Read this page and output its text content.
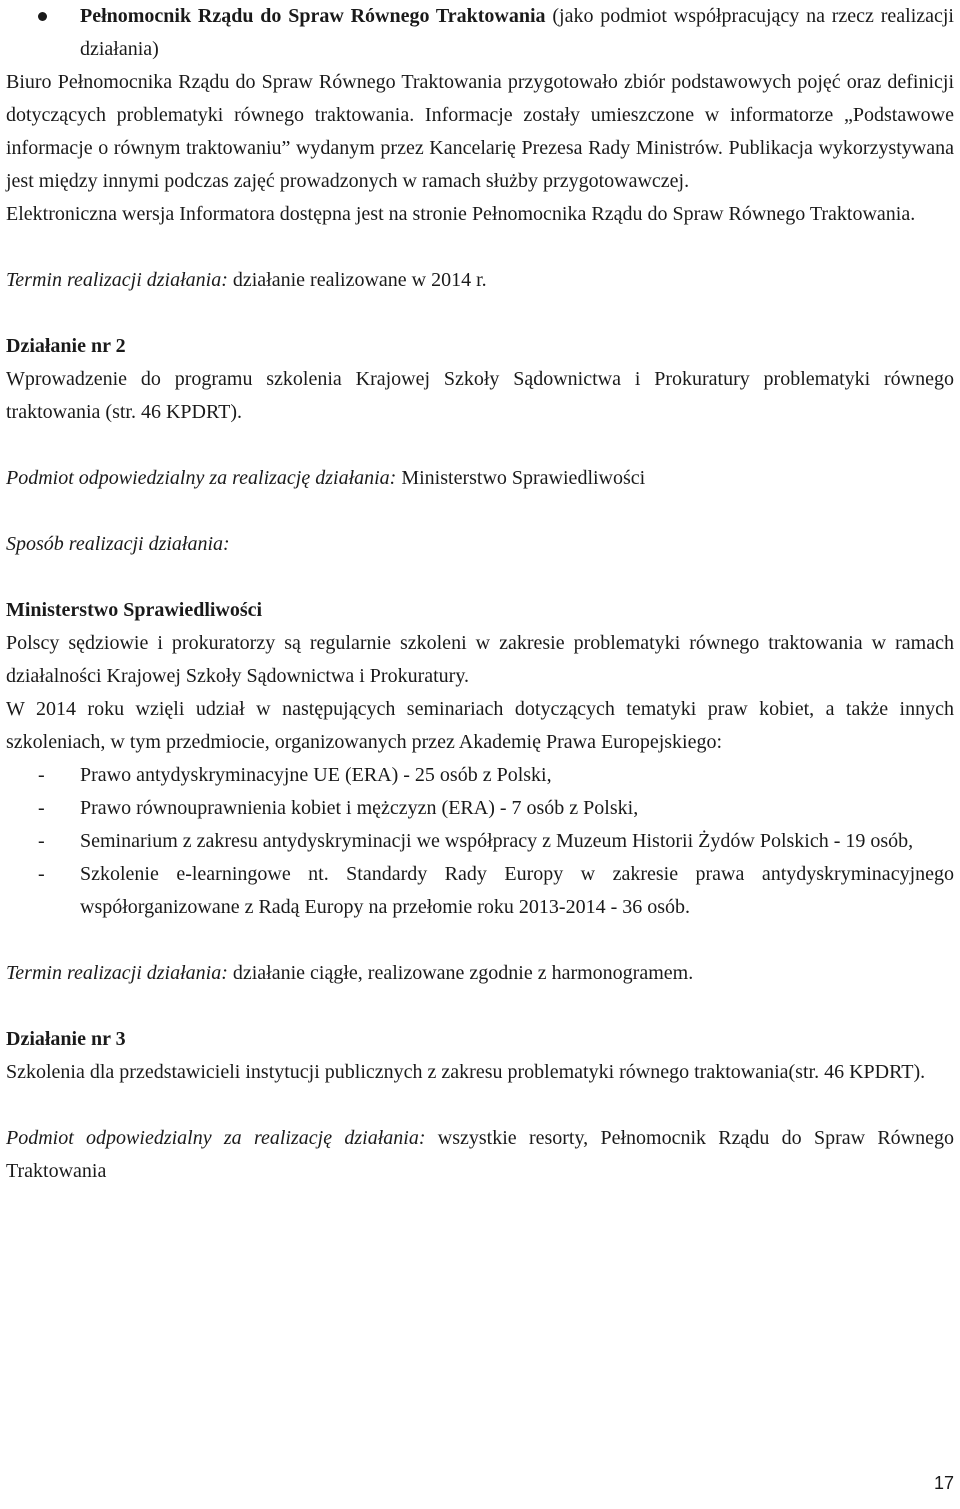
Pełnomocnik Rządu do Spraw Równego Traktowania (jako podmiot współpracujący na rzecz realizacji działania)

Biuro Pełnomocnika Rządu do Spraw Równego Traktowania przygotowało zbiór podstawowych pojęć oraz definicji dotyczących problematyki równego traktowania. Informacje zostały umieszczone w informatorze „Podstawowe informacje o równym traktowaniu” wydanym przez Kancelarię Prezesa Rady Ministrów. Publikacja wykorzystywana jest między innymi podczas zajęć prowadzonych w ramach służby przygotowawczej.

Elektroniczna wersja Informatora dostępna jest na stronie Pełnomocnika Rządu do Spraw Równego Traktowania.

Termin realizacji działania: działanie realizowane w 2014 r.

Działanie nr 2

Wprowadzenie do programu szkolenia Krajowej Szkoły Sądownictwa i Prokuratury problematyki równego traktowania (str. 46 KPDRT).

Podmiot odpowiedzialny za realizację działania: Ministerstwo Sprawiedliwości

Sposób realizacji działania:

Ministerstwo Sprawiedliwości

Polscy sędziowie i prokuratorzy są regularnie szkoleni w zakresie problematyki równego traktowania w ramach działalności Krajowej Szkoły Sądownictwa i Prokuratury.

W 2014 roku wzięli udział w następujących seminariach dotyczących tematyki praw kobiet, a także innych szkoleniach, w tym przedmiocie, organizowanych przez Akademię Prawa Europejskiego:

- Prawo antydyskryminacyjne UE (ERA) - 25 osób z Polski,
- Prawo równouprawnienia kobiet i mężczyzn (ERA) - 7 osób z Polski,
- Seminarium z zakresu antydyskryminacji we współpracy z Muzeum Historii Żydów Polskich - 19 osób,
- Szkolenie e-learningowe nt. Standardy Rady Europy w zakresie prawa antydyskryminacyjnego współorganizowane z Radą Europy na przełomie roku 2013-2014 - 36 osób.

Termin realizacji działania: działanie ciągłe, realizowane zgodnie z harmonogramem.

Działanie nr 3

Szkolenia dla przedstawicieli instytucji publicznych z zakresu problematyki równego traktowania(str. 46 KPDRT).

Podmiot odpowiedzialny za realizację działania: wszystkie resorty, Pełnomocnik Rządu do Spraw Równego Traktowania

17
